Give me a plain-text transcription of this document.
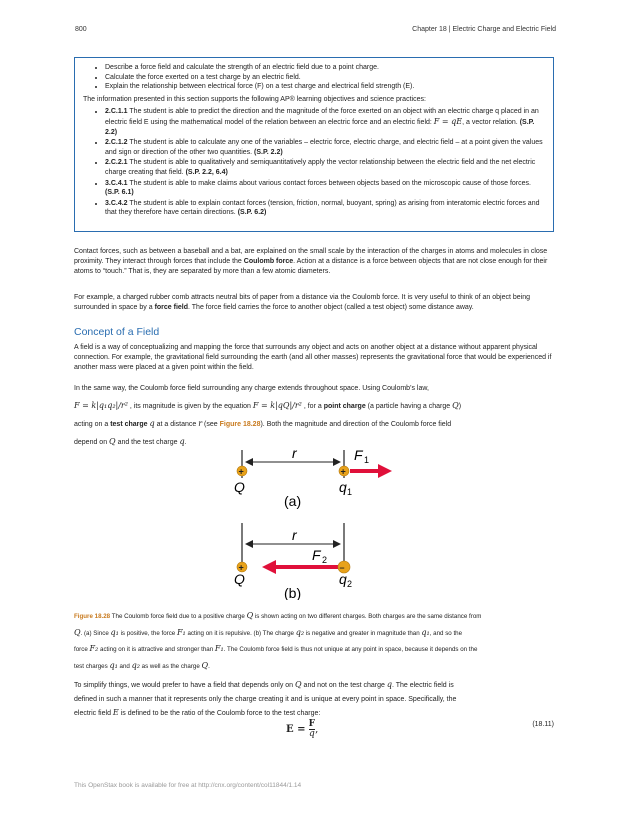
800	Chapter 18 | Electric Charge and Electric Field
• Describe a force field and calculate the strength of an electric field due to a point charge.
• Calculate the force exerted on a test charge by an electric field.
• Explain the relationship between electrical force (F) on a test charge and electrical field strength (E).
The information presented in this section supports the following AP® learning objectives and science practices:
• 2.C.1.1 The student is able to predict the direction and the magnitude of the force exerted on an object with an electric charge q placed in an electric field E using the mathematical model of the relation between an electric force and an electric field: F = qE, a vector relation. (S.P. 2.2)
• 2.C.1.2 The student is able to calculate any one of the variables – electric force, electric charge, and electric field – at a point given the values and sign or direction of the other two quantities. (S.P. 2.2)
• 2.C.2.1 The student is able to qualitatively and semiquantitatively apply the vector relationship between the electric field and the net electric charge creating that field. (S.P. 2.2, 6.4)
• 3.C.4.1 The student is able to make claims about various contact forces between objects based on the microscopic cause of those forces. (S.P. 6.1)
• 3.C.4.2 The student is able to explain contact forces (tension, friction, normal, buoyant, spring) as arising from interatomic electric forces and that they therefore have certain directions. (S.P. 6.2)
Contact forces, such as between a baseball and a bat, are explained on the small scale by the interaction of the charges in atoms and molecules in close proximity. They interact through forces that include the Coulomb force. Action at a distance is a force between objects that are not close enough for their atoms to “touch.” That is, they are separated by more than a few atomic diameters.
For example, a charged rubber comb attracts neutral bits of paper from a distance via the Coulomb force. It is very useful to think of an object being surrounded in space by a force field. The force field carries the force to another object (called a test object) some distance away.
Concept of a Field
A field is a way of conceptualizing and mapping the force that surrounds any object and acts on another object at a distance without apparent physical connection. For example, the gravitational field surrounding the earth (and all other masses) represents the gravitational force that would be experienced if another mass were placed at a given point within the field.
In the same way, the Coulomb force field surrounding any charge extends throughout space. Using Coulomb’s law,
F = k|q₁q₂|/r² , its magnitude is given by the equation F = k|qQ|/r² , for a point charge (a particle having a charge Q)
acting on a test charge q at a distance r (see Figure 18.28). Both the magnitude and direction of the Coulomb force field
depend on Q and the test charge q.
r
+	+
F 1
Q	q 1
(a)
r
F 2
+	–
Q	q 2
(b)
Figure 18.28 The Coulomb force field due to a positive charge Q is shown acting on two different charges. Both charges are the same distance from
Q. (a) Since q₁ is positive, the force F₁ acting on it is repulsive. (b) The charge q₂ is negative and greater in magnitude than q₁, and so the
force F₂ acting on it is attractive and stronger than F₁. The Coulomb force field is thus not unique at any point in space, because it depends on the
test charges q₁ and q₂ as well as the charge Q.
To simplify things, we would prefer to have a field that depends only on Q and not on the test charge q. The electric field is
defined in such a manner that it represents only the charge creating it and is unique at every point in space. Specifically, the
electric field E is defined to be the ratio of the Coulomb force to the test charge:
$E = \frac{F}{q}$ ,	(18.11)
This OpenStax book is available for free at http://cnx.org/content/col11844/1.14
